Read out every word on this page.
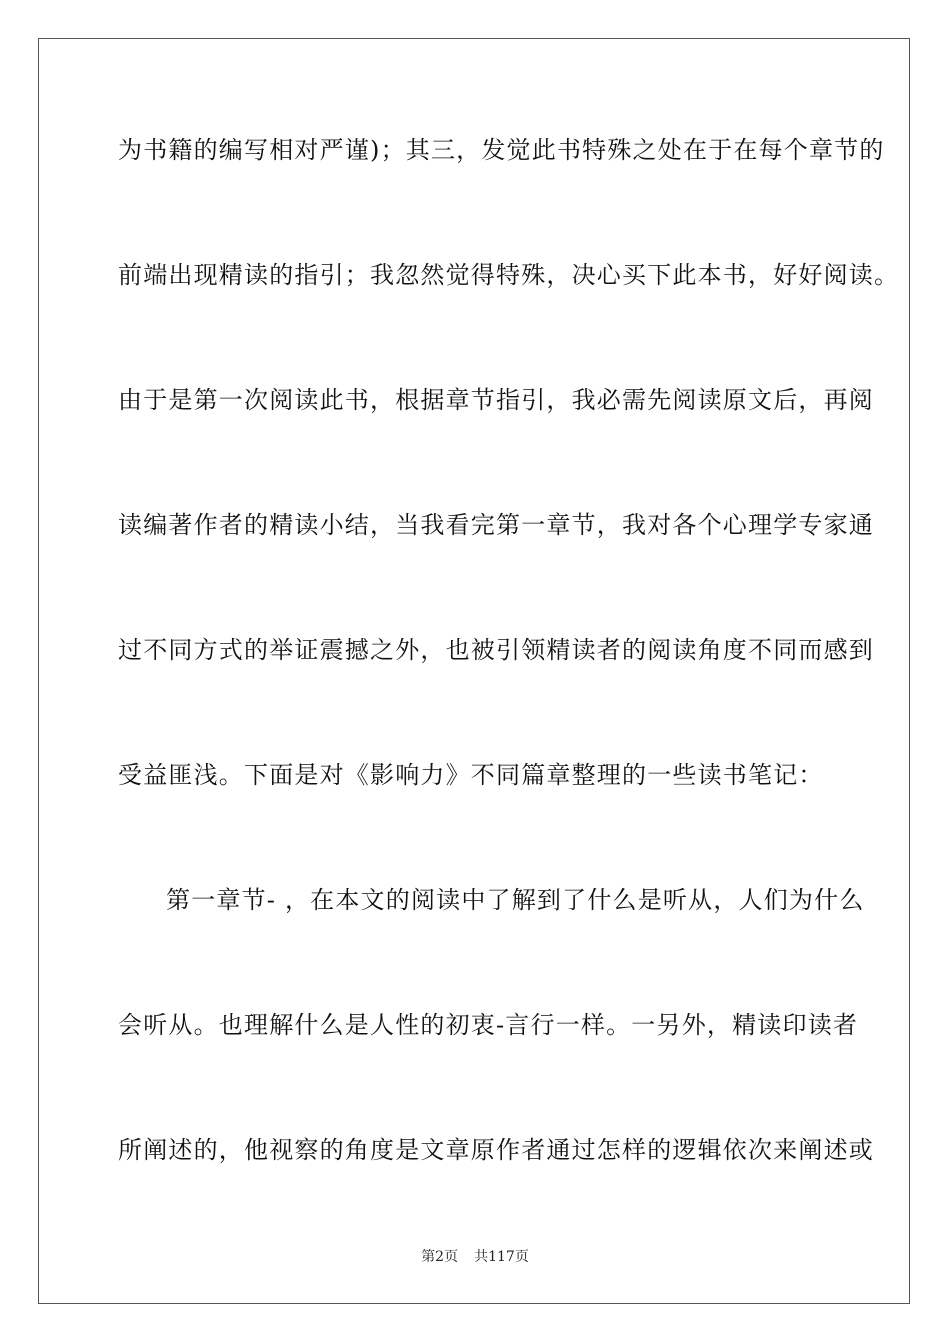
为书籍的编写相对严谨)；其三，发觉此书特殊之处在于在每个章节的
前端出现精读的指引；我忽然觉得特殊，决心买下此本书，好好阅读。
由于是第一次阅读此书，根据章节指引，我必需先阅读原文后，再阅
读编著作者的精读小结，当我看完第一章节，我对各个心理学专家通
过不同方式的举证震撼之外，也被引领精读者的阅读角度不同而感到
受益匪浅。下面是对《影响力》不同篇章整理的一些读书笔记：
第一章节- ，在本文的阅读中了解到了什么是听从，人们为什么
会听从。也理解什么是人性的初衷-言行一样。一另外，精读印读者
所阐述的，他视察的角度是文章原作者通过怎样的逻辑依次来阐述或
第2页 共117页
